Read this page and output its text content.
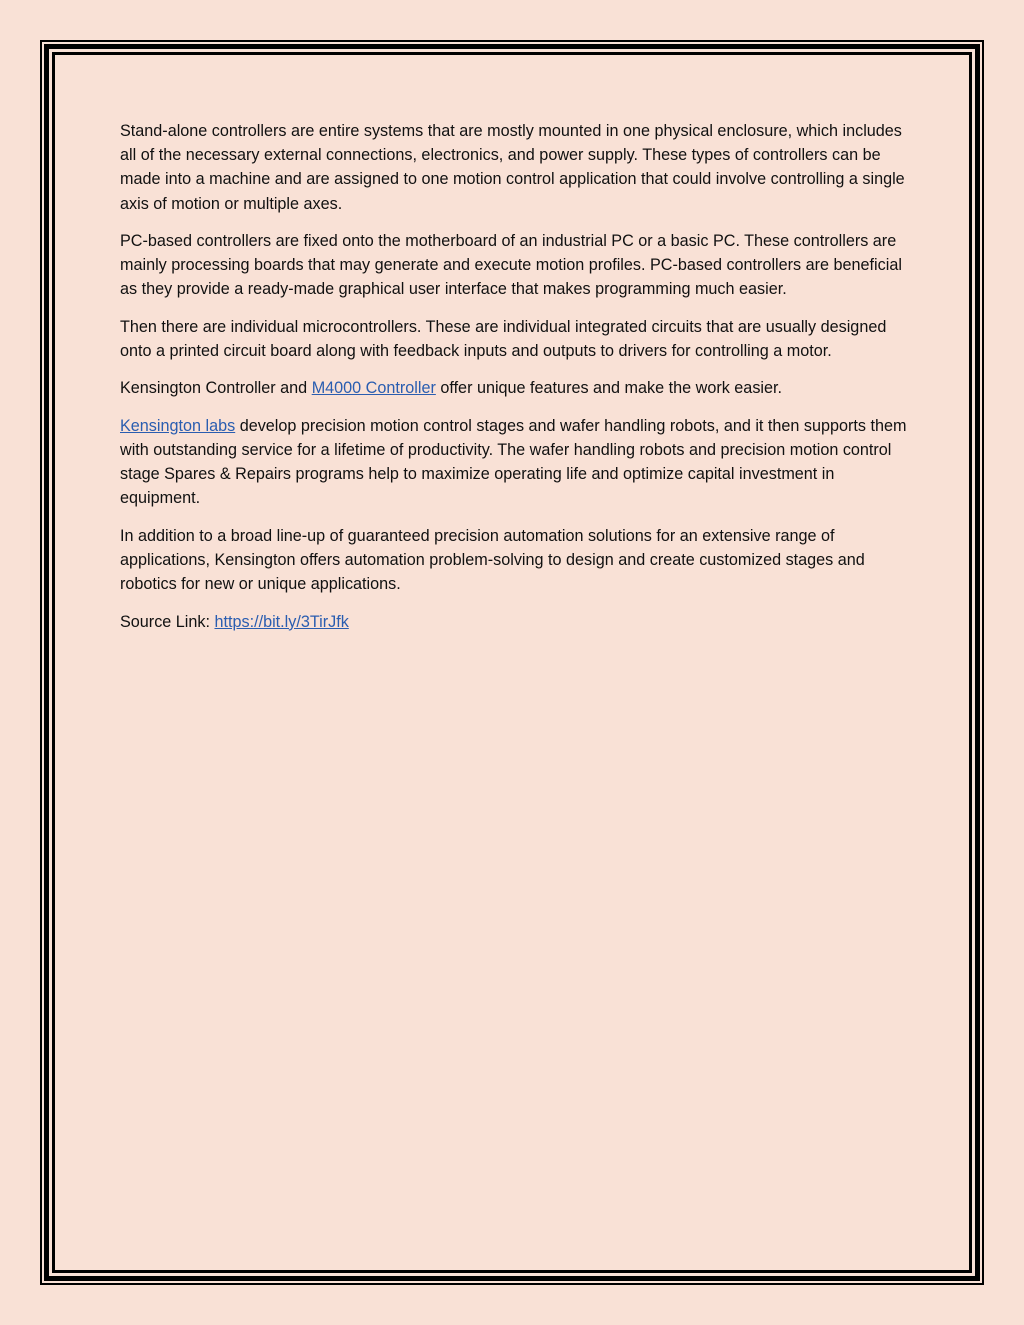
Stand-alone controllers are entire systems that are mostly mounted in one physical enclosure, which includes all of the necessary external connections, electronics, and power supply. These types of controllers can be made into a machine and are assigned to one motion control application that could involve controlling a single axis of motion or multiple axes.

PC-based controllers are fixed onto the motherboard of an industrial PC or a basic PC. These controllers are mainly processing boards that may generate and execute motion profiles. PC-based controllers are beneficial as they provide a ready-made graphical user interface that makes programming much easier.

Then there are individual microcontrollers. These are individual integrated circuits that are usually designed onto a printed circuit board along with feedback inputs and outputs to drivers for controlling a motor.

Kensington Controller and M4000 Controller offer unique features and make the work easier.

Kensington labs develop precision motion control stages and wafer handling robots, and it then supports them with outstanding service for a lifetime of productivity. The wafer handling robots and precision motion control stage Spares & Repairs programs help to maximize operating life and optimize capital investment in equipment.

In addition to a broad line-up of guaranteed precision automation solutions for an extensive range of applications, Kensington offers automation problem-solving to design and create customized stages and robotics for new or unique applications.

Source Link: https://bit.ly/3TirJfk
